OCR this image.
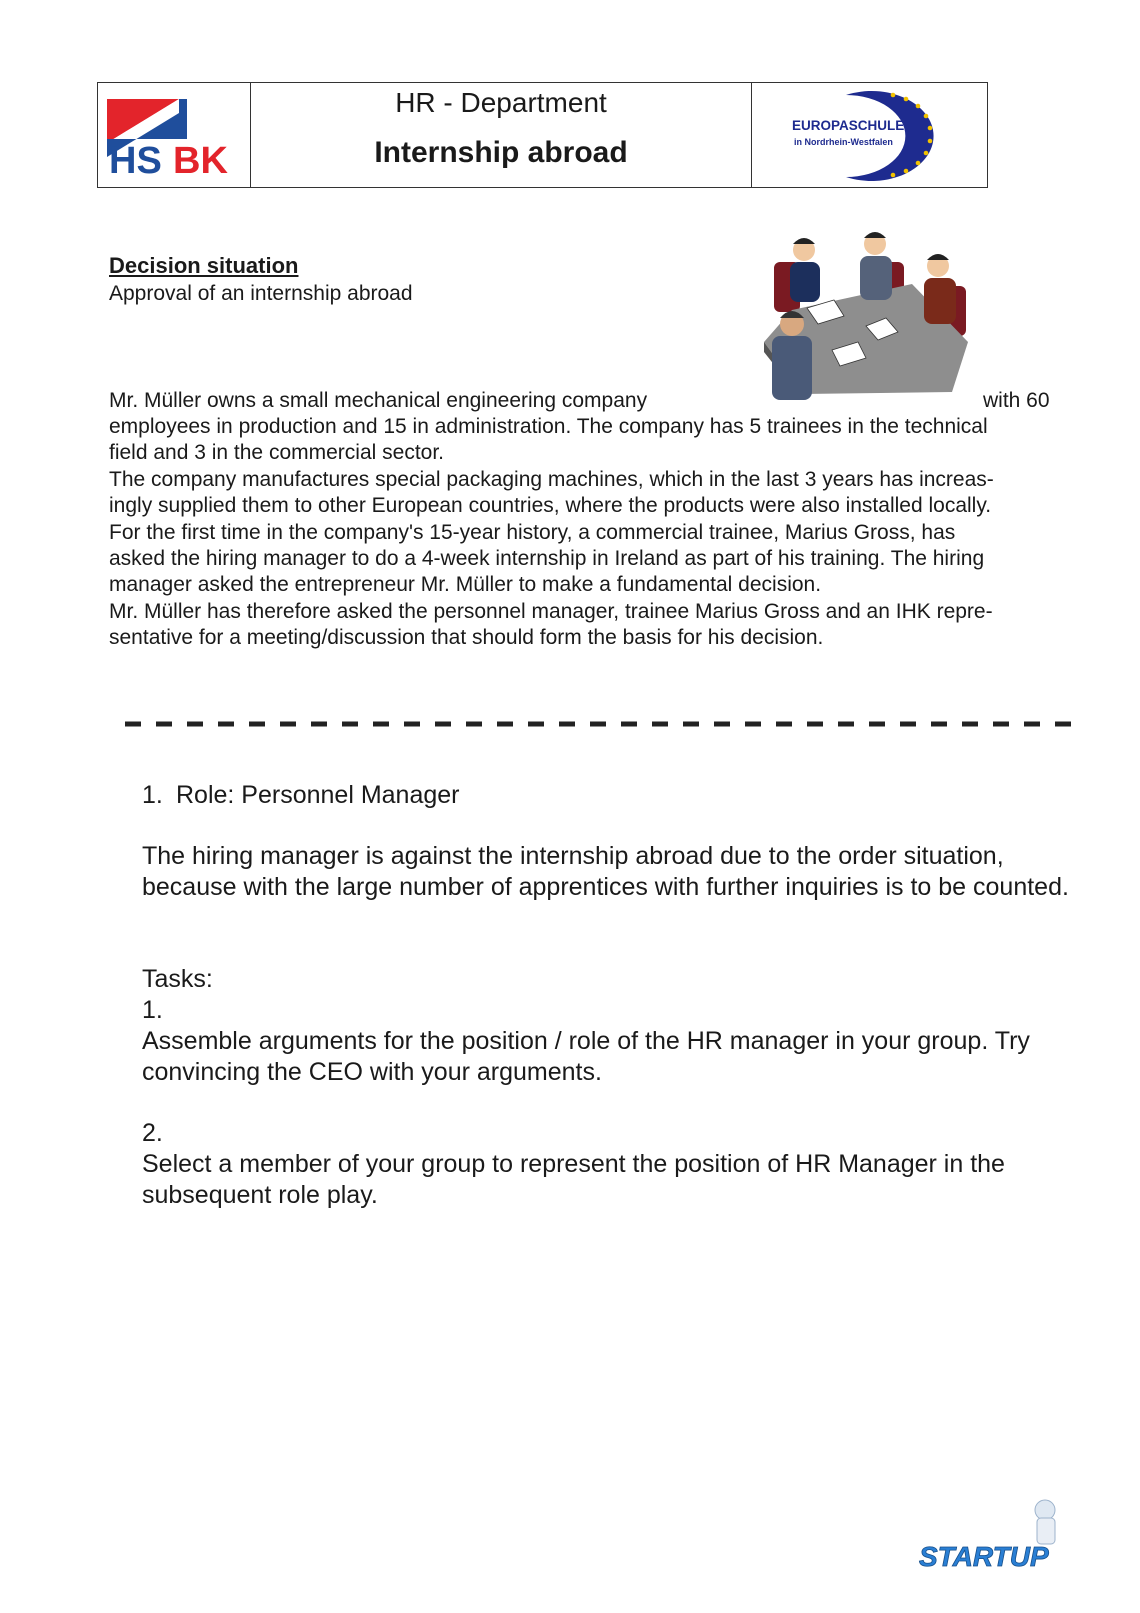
HS BK
HR - Department
Internship abroad
EUROPASCHULE
in Nordrhein-Westfalen
Decision situation
Approval of an internship abroad
Mr. Müller owns a small mechanical engineering company	with 60
employees in production and 15 in administration. The company has 5 trainees in the technical
field and 3 in the commercial sector.
The company manufactures special packaging machines, which in the last 3 years has increas-
ingly supplied them to other European countries, where the products were also installed locally.
For the first time in the company's 15-year history, a commercial trainee, Marius Gross, has
asked the hiring manager to do a 4-week internship in Ireland as part of his training. The hiring
manager asked the entrepreneur Mr. Müller to make a fundamental decision.
Mr. Müller has therefore asked the personnel manager, trainee Marius Gross and an IHK repre-
sentative for a meeting/discussion that should form the basis for his decision.
1. Role: Personnel Manager
The hiring manager is against the internship abroad due to the order situation, because with the large number of apprentices with further inquiries is to be counted.
Tasks:
1.
Assemble arguments for the position / role of the HR manager in your group. Try convincing the CEO with your arguments.
2.
Select a member of your group to represent the position of HR Manager in the subsequent role play.
STARTUP
